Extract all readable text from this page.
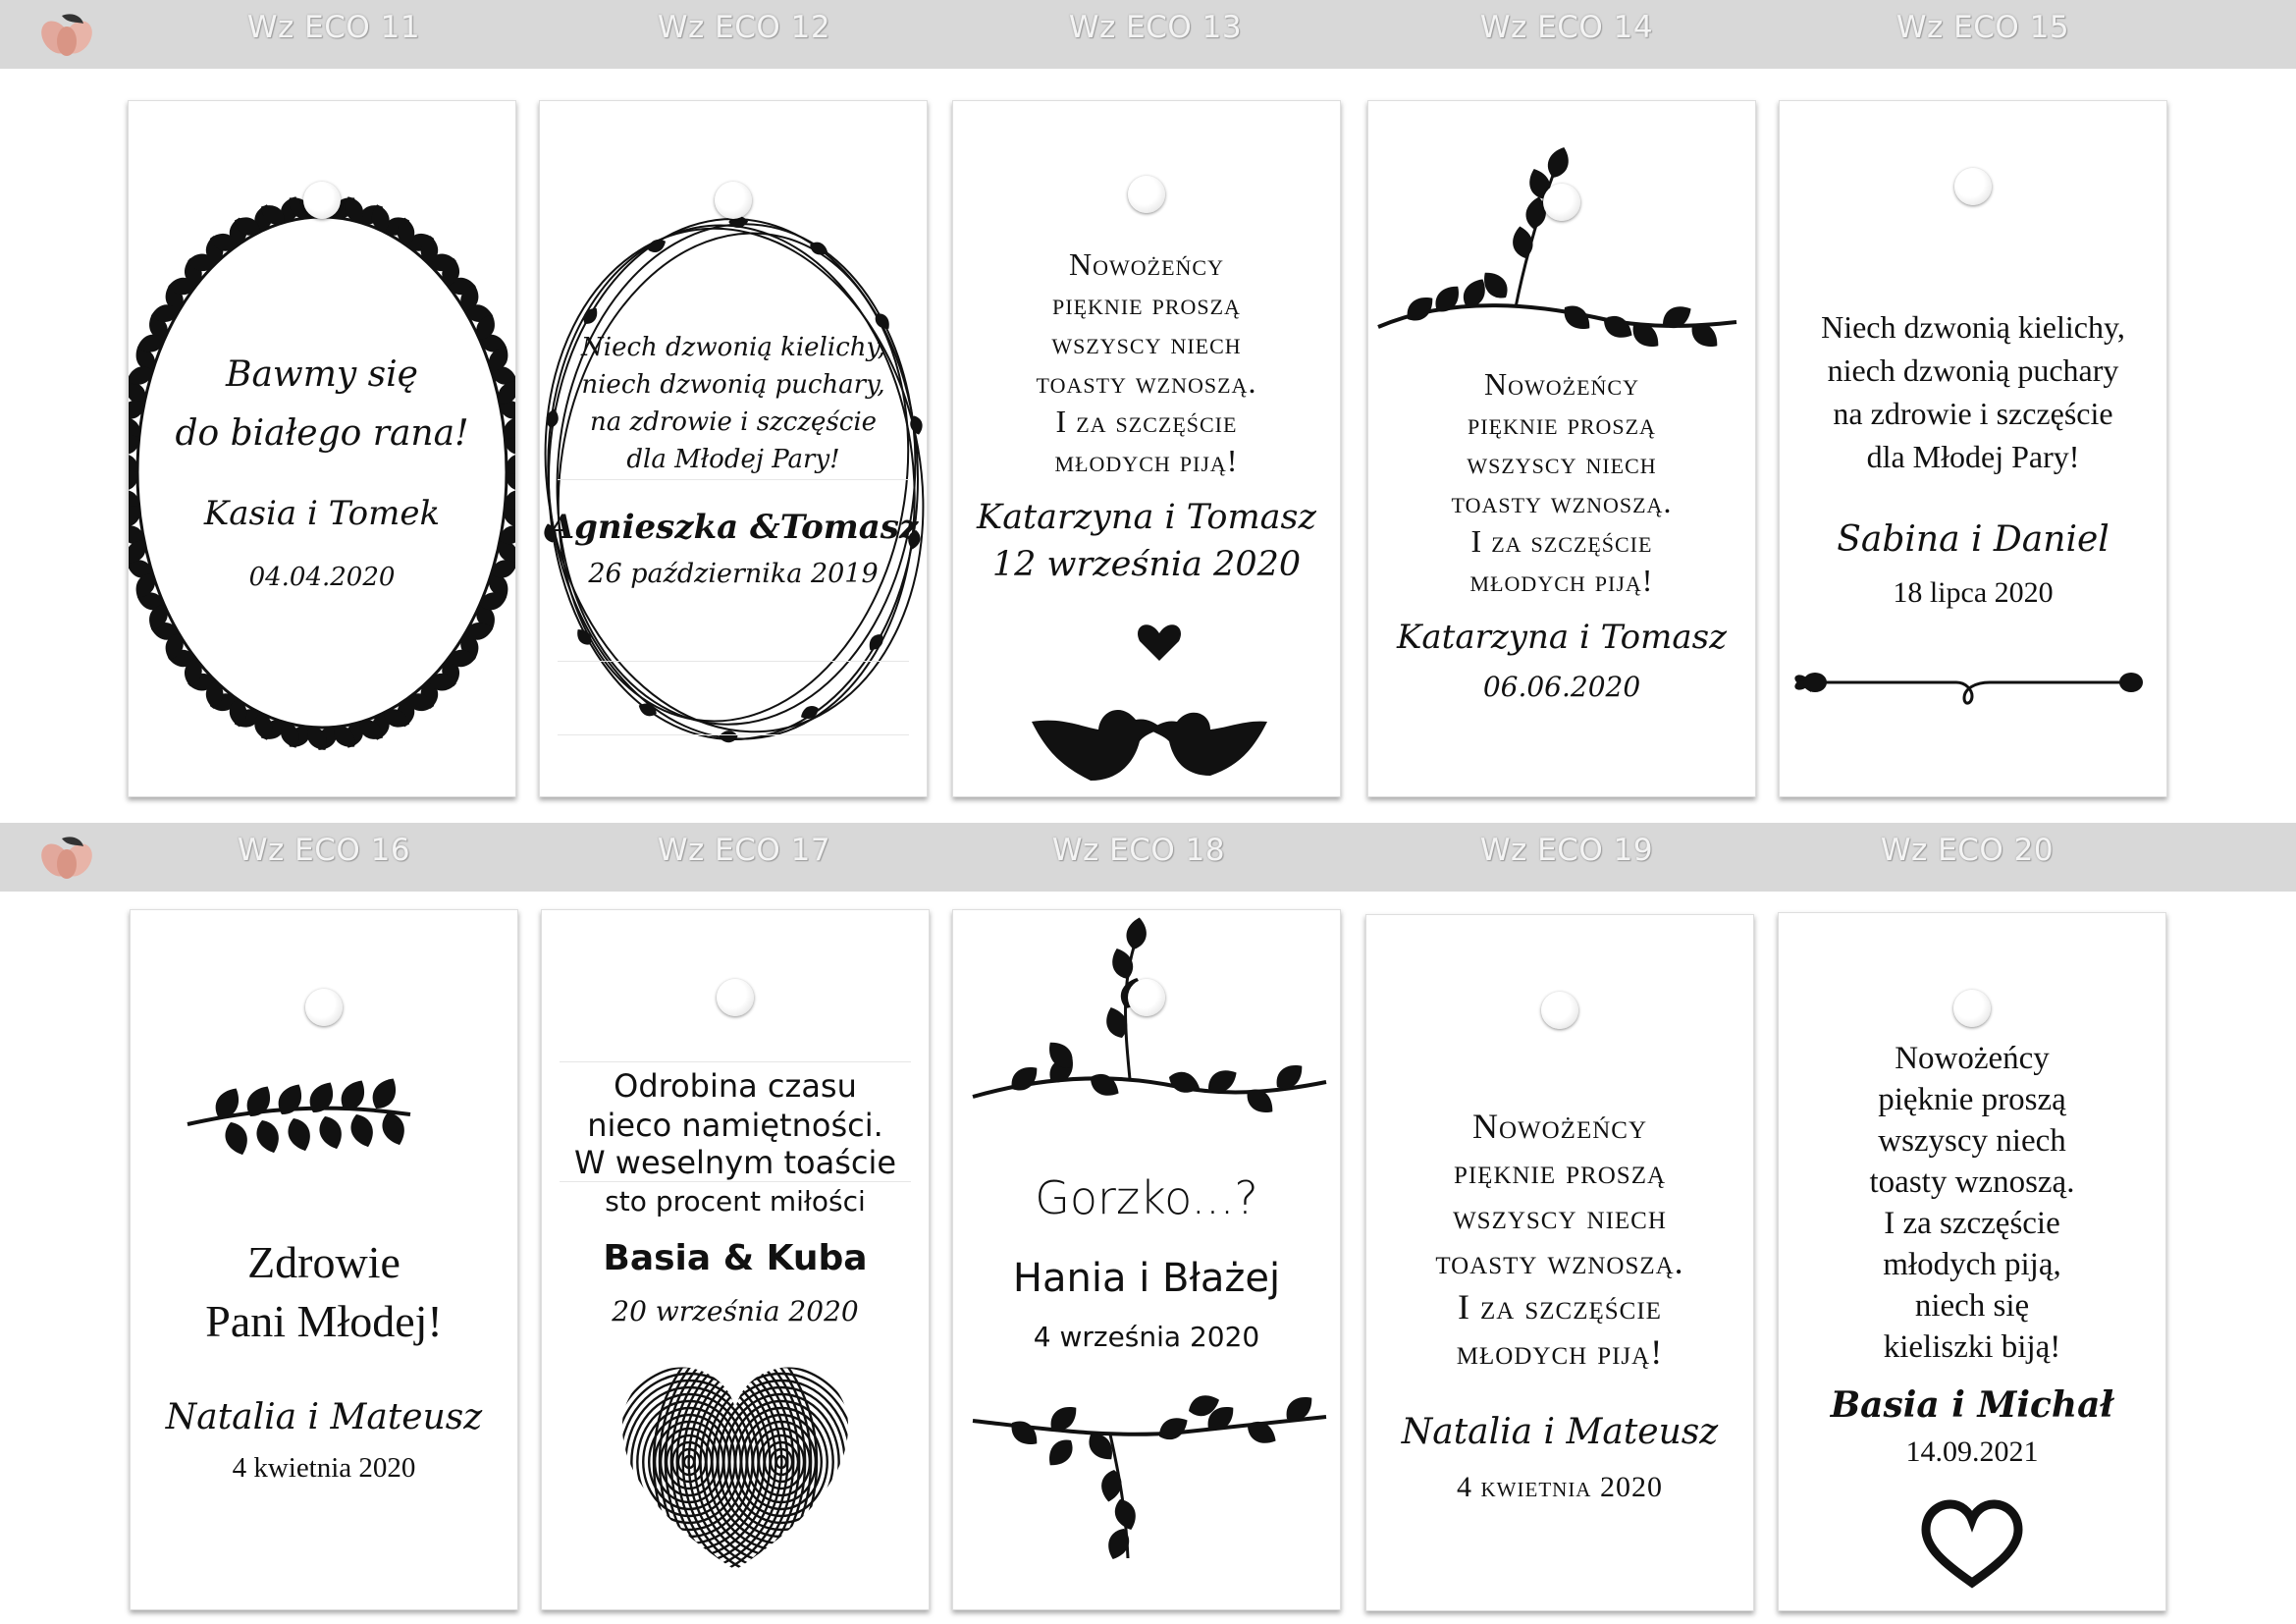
Wz ECO 11	Wz ECO 12	Wz ECO 13	Wz ECO 14	Wz ECO 15
Wz ECO 16	Wz ECO 17	Wz ECO 18	Wz ECO 19	Wz ECO 20
Bawmy się
do białego rana!
Kasia i Tomek
04.04.2020
Niech dzwonią kielichy,
niech dzwonią puchary,
na zdrowie i szczęście
dla Młodej Pary!
Agnieszka &Tomasz
26 października 2019
Nowożeńcy
pięknie proszą
wszyscy niech
toasty wznoszą.
I za szczęście
młodych piją!
Katarzyna i Tomasz
12 września 2020
Nowożeńcy
pięknie proszą
wszyscy niech
toasty wznoszą.
I za szczęście
młodych piją!
Katarzyna i Tomasz
06.06.2020
Niech dzwonią kielichy,
niech dzwonią puchary
na zdrowie i szczęście
dla Młodej Pary!
Sabina i Daniel
18 lipca 2020
Zdrowie
Pani Młodej!
Natalia i Mateusz
4 kwietnia 2020
Odrobina czasu
nieco namiętności.
W weselnym toaście
sto procent miłości
Basia & Kuba
20 września 2020
Gorzko...?
Hania i Błażej
4 września 2020
Nowożeńcy
pięknie proszą
wszyscy niech
toasty wznoszą.
I za szczęście
młodych piją!
Natalia i Mateusz
4 kwietnia 2020
Nowożeńcy
pięknie proszą
wszyscy niech
toasty wznoszą.
I za szczęście
młodych piją,
niech się
kieliszki biją!
Basia i Michał
14.09.2021
